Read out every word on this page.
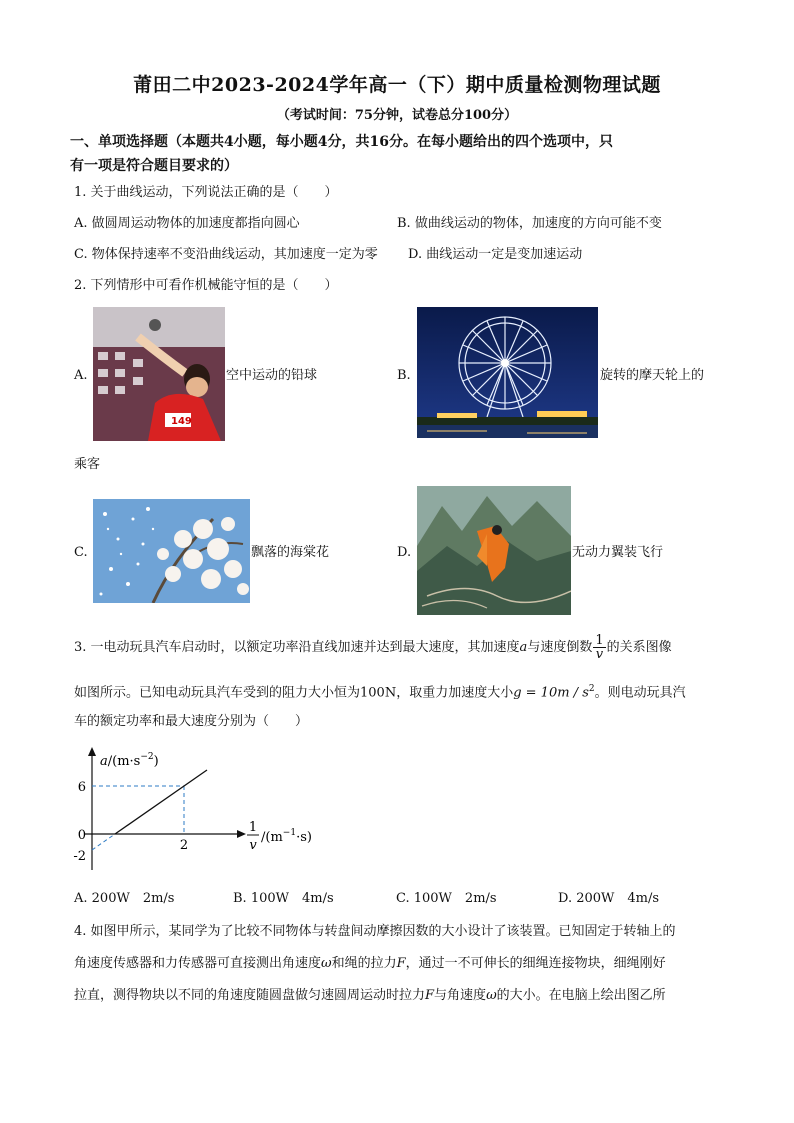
莆田二中2023-2024学年高一（下）期中质量检测物理试题
（考试时间：75分钟，试卷总分100分）
一、单项选择题（本题共4小题，每小题4分，共16分。在每小题给出的四个选项中，只
有一项是符合题目要求的）
1. 关于曲线运动，下列说法正确的是（　　）
A. 做圆周运动物体的加速度都指向圆心	B. 做曲线运动的物体，加速度的方向可能不变
C. 物体保持速率不变沿曲线运动，其加速度一定为零 D. 曲线运动一定是变加速运动
2. 下列情形中可看作机械能守恒的是（　　）
A.
149
空中运动的铅球	B.	旋转的摩天轮上的
乘客
C.	飘落的海棠花	D.	无动力翼装飞行
3. 一电动玩具汽车启动时，以额定功率沿直线加速并达到最大速度，其加速度a与速度倒数 $\frac{1}{v}$ 的关系图像
如图所示。已知电动玩具汽车受到的阻力大小恒为100N，取重力加速度大小$g = 10m / s^2$。则电动玩具汽
车的额定功率和最大速度分别为（　　）
6
0
-2
2
$a/(m\cdot s^{-2})$
1
v
$/(m^{-1}\cdot s)$
A. 200W　2m/s	B. 100W　4m/s	C. 100W　2m/s	D. 200W　4m/s
4. 如图甲所示，某同学为了比较不同物体与转盘间动摩擦因数的大小设计了该装置。已知固定于转轴上的
角速度传感器和力传感器可直接测出角速度ω和绳的拉力F，通过一不可伸长的细绳连接物块，细绳刚好
拉直，测得物块以不同的角速度随圆盘做匀速圆周运动时拉力F与角速度ω的大小。在电脑上绘出图乙所
